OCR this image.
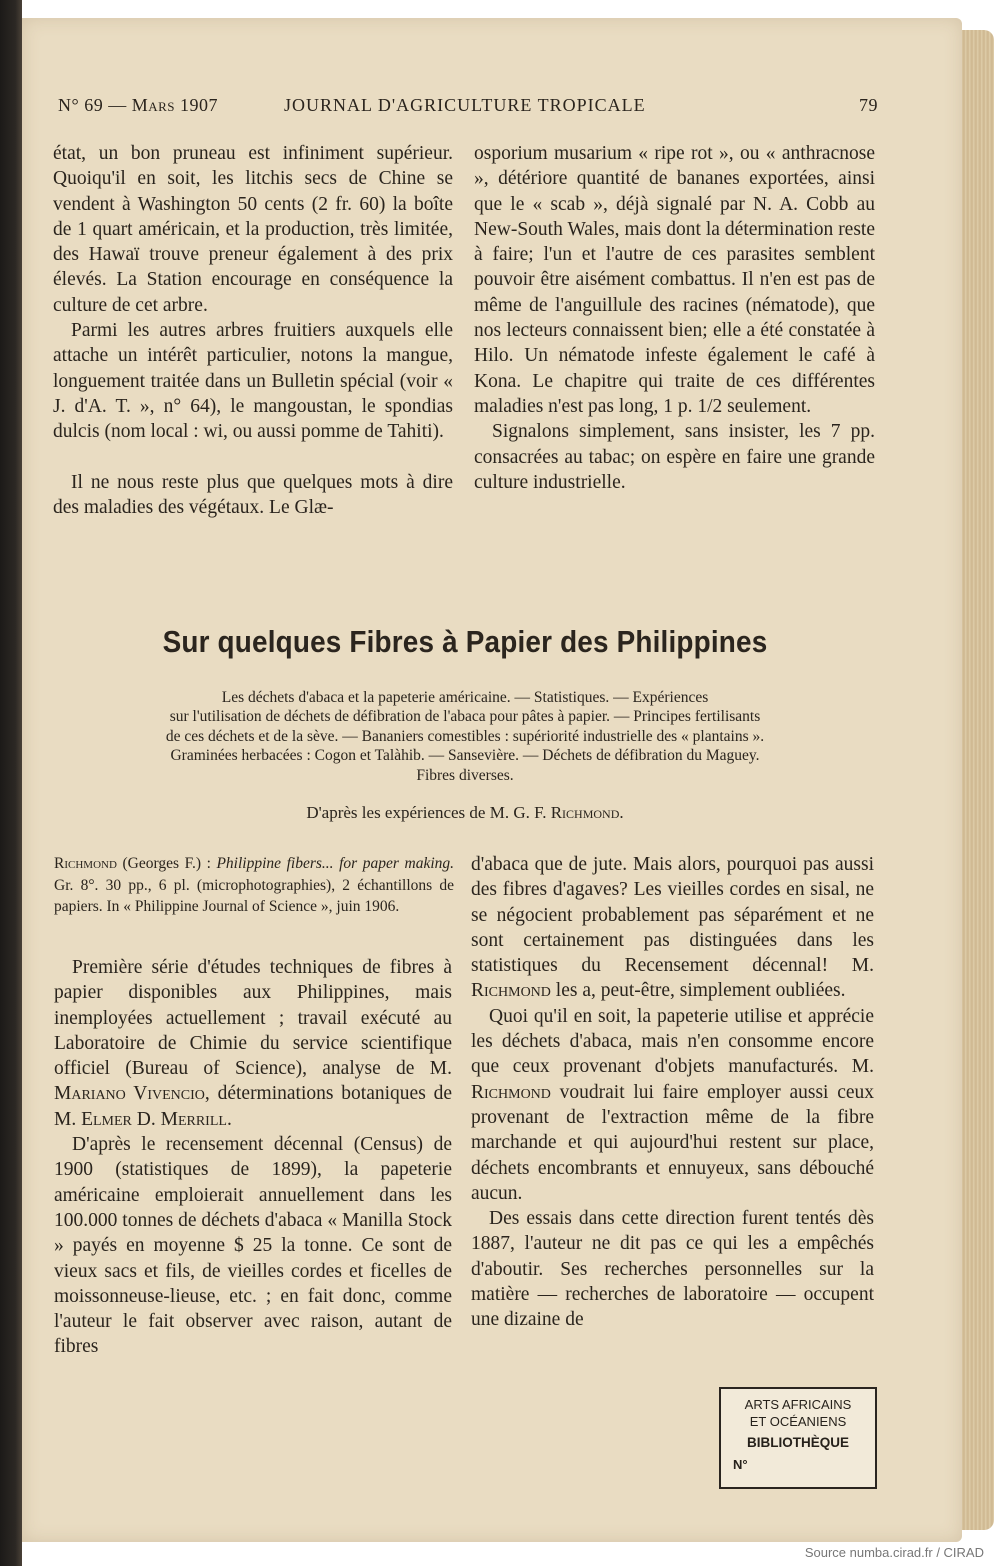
N° 69 — Mars 1907	JOURNAL D'AGRICULTURE TROPICALE	79

état, un bon pruneau est infiniment supérieur. Quoiqu'il en soit, les litchis secs de Chine se vendent à Washington 50 cents (2 fr. 60) la boîte de 1 quart américain, et la production, très limitée, des Hawaï trouve preneur également à des prix élevés. La Station encourage en conséquence la culture de cet arbre.

Parmi les autres arbres fruitiers auxquels elle attache un intérêt particulier, notons la mangue, longuement traitée dans un Bulletin spécial (voir « J. d'A. T. », n° 64), le mangoustan, le spondias dulcis (nom local : wi, ou aussi pomme de Tahiti).

Il ne nous reste plus que quelques mots à dire des maladies des végétaux. Le Glæ-

osporium musarium « ripe rot », ou « anthracnose », détériore quantité de bananes exportées, ainsi que le « scab », déjà signalé par N. A. Cobb au New-South Wales, mais dont la détermination reste à faire; l'un et l'autre de ces parasites semblent pouvoir être aisément combattus. Il n'en est pas de même de l'anguillule des racines (nématode), que nos lecteurs connaissent bien; elle a été constatée à Hilo. Un nématode infeste également le café à Kona. Le chapitre qui traite de ces différentes maladies n'est pas long, 1 p. 1/2 seulement.

Signalons simplement, sans insister, les 7 pp. consacrées au tabac; on espère en faire une grande culture industrielle.

Sur quelques Fibres à Papier des Philippines
Les déchets d'abaca et la papeterie américaine. — Statistiques. — Expériences
sur l'utilisation de déchets de défibration de l'abaca pour pâtes à papier. — Principes fertilisants
de ces déchets et de la sève. — Bananiers comestibles : supériorité industrielle des « plantains ».
Graminées herbacées : Cogon et Talàhib. — Sansevière. — Déchets de défibration du Maguey.
Fibres diverses.
D'après les expériences de M. G. F. Richmond.
Richmond (Georges F.) : Philippine fibers... for paper making. Gr. 8°. 30 pp., 6 pl. (microphotographies), 2 échantillons de papiers. In « Philippine Journal of Science », juin 1906.

Première série d'études techniques de fibres à papier disponibles aux Philippines, mais inemployées actuellement ; travail exécuté au Laboratoire de Chimie du service scientifique officiel (Bureau of Science), analyse de M. Mariano Vivencio, déterminations botaniques de M. Elmer D. Merrill.

D'après le recensement décennal (Census) de 1900 (statistiques de 1899), la papeterie américaine emploierait annuellement dans les 100.000 tonnes de déchets d'abaca « Manilla Stock » payés en moyenne $ 25 la tonne. Ce sont de vieux sacs et fils, de vieilles cordes et ficelles de moissonneuse-lieuse, etc. ; en fait donc, comme l'auteur le fait observer avec raison, autant de fibres

d'abaca que de jute. Mais alors, pourquoi pas aussi des fibres d'agaves? Les vieilles cordes en sisal, ne se négocient probablement pas séparément et ne sont certainement pas distinguées dans les statistiques du Recensement décennal! M. Richmond les a, peut-être, simplement oubliées.

Quoi qu'il en soit, la papeterie utilise et apprécie les déchets d'abaca, mais n'en consomme encore que ceux provenant d'objets manufacturés. M. Richmond voudrait lui faire employer aussi ceux provenant de l'extraction même de la fibre marchande et qui aujourd'hui restent sur place, déchets encombrants et ennuyeux, sans débouché aucun.

Des essais dans cette direction furent tentés dès 1887, l'auteur ne dit pas ce qui les a empêchés d'aboutir. Ses recherches personnelles sur la matière — recherches de laboratoire — occupent une dizaine de

ARTS AFRICAINS
ET OCÉANIENS
BIBLIOTHÈQUE
N°
Source numba.cirad.fr / CIRAD
